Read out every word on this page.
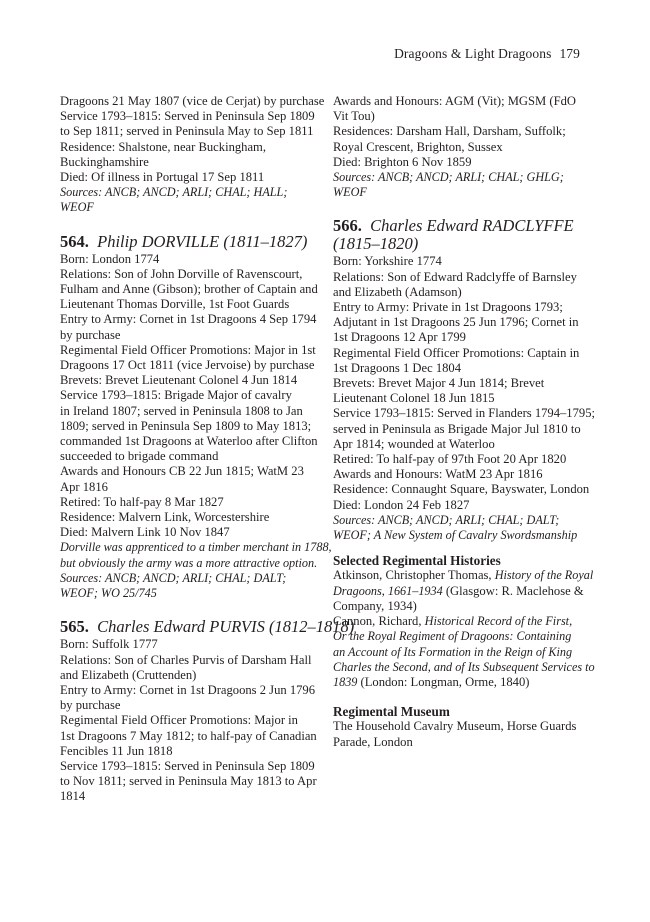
Dragoons & Light Dragoons 179
Dragoons 21 May 1807 (vice de Cerjat) by purchase
Service 1793–1815: Served in Peninsula Sep 1809
to Sep 1811; served in Peninsula May to Sep 1811
Residence: Shalstone, near Buckingham,
Buckinghamshire
Died: Of illness in Portugal 17 Sep 1811
Sources: ANCB; ANCD; ARLI; CHAL; HALL;
WEOF
564.  Philip DORVILLE (1811–1827)
Born: London 1774
Relations: Son of John Dorville of Ravenscourt,
Fulham and Anne (Gibson); brother of Captain and
Lieutenant Thomas Dorville, 1st Foot Guards
Entry to Army: Cornet in 1st Dragoons 4 Sep 1794
by purchase
Regimental Field Officer Promotions: Major in 1st
Dragoons 17 Oct 1811 (vice Jervoise) by purchase
Brevets: Brevet Lieutenant Colonel 4 Jun 1814
Service 1793–1815: Brigade Major of cavalry
in Ireland 1807; served in Peninsula 1808 to Jan
1809; served in Peninsula Sep 1809 to May 1813;
commanded 1st Dragoons at Waterloo after Clifton
succeeded to brigade command
Awards and Honours CB 22 Jun 1815; WatM 23
Apr 1816
Retired: To half-pay 8 Mar 1827
Residence: Malvern Link, Worcestershire
Died: Malvern Link 10 Nov 1847
Dorville was apprenticed to a timber merchant in 1788,
but obviously the army was a more attractive option.
Sources: ANCB; ANCD; ARLI; CHAL; DALT;
WEOF; WO 25/745
565.  Charles Edward PURVIS (1812–1818)
Born: Suffolk 1777
Relations: Son of Charles Purvis of Darsham Hall
and Elizabeth (Cruttenden)
Entry to Army: Cornet in 1st Dragoons 2 Jun 1796
by purchase
Regimental Field Officer Promotions: Major in
1st Dragoons 7 May 1812; to half-pay of Canadian
Fencibles 11 Jun 1818
Service 1793–1815: Served in Peninsula Sep 1809
to Nov 1811; served in Peninsula May 1813 to Apr
1814
Awards and Honours: AGM (Vit); MGSM (FdO
Vit Tou)
Residences: Darsham Hall, Darsham, Suffolk;
Royal Crescent, Brighton, Sussex
Died: Brighton 6 Nov 1859
Sources: ANCB; ANCD; ARLI; CHAL; GHLG;
WEOF
566.  Charles Edward RADCLYFFE
(1815–1820)
Born: Yorkshire 1774
Relations: Son of Edward Radclyffe of Barnsley
and Elizabeth (Adamson)
Entry to Army: Private in 1st Dragoons 1793;
Adjutant in 1st Dragoons 25 Jun 1796; Cornet in
1st Dragoons 12 Apr 1799
Regimental Field Officer Promotions: Captain in
1st Dragoons 1 Dec 1804
Brevets: Brevet Major 4 Jun 1814; Brevet
Lieutenant Colonel 18 Jun 1815
Service 1793–1815: Served in Flanders 1794–1795;
served in Peninsula as Brigade Major Jul 1810 to
Apr 1814; wounded at Waterloo
Retired: To half-pay of 97th Foot 20 Apr 1820
Awards and Honours: WatM 23 Apr 1816
Residence: Connaught Square, Bayswater, London
Died: London 24 Feb 1827
Sources: ANCB; ANCD; ARLI; CHAL; DALT;
WEOF; A New System of Cavalry Swordsmanship
Selected Regimental Histories
Atkinson, Christopher Thomas, History of the Royal
Dragoons, 1661–1934 (Glasgow: R. Maclehose &
Company, 1934)
Cannon, Richard, Historical Record of the First,
Or the Royal Regiment of Dragoons: Containing
an Account of Its Formation in the Reign of King
Charles the Second, and of Its Subsequent Services to
1839 (London: Longman, Orme, 1840)
Regimental Museum
The Household Cavalry Museum, Horse Guards
Parade, London
